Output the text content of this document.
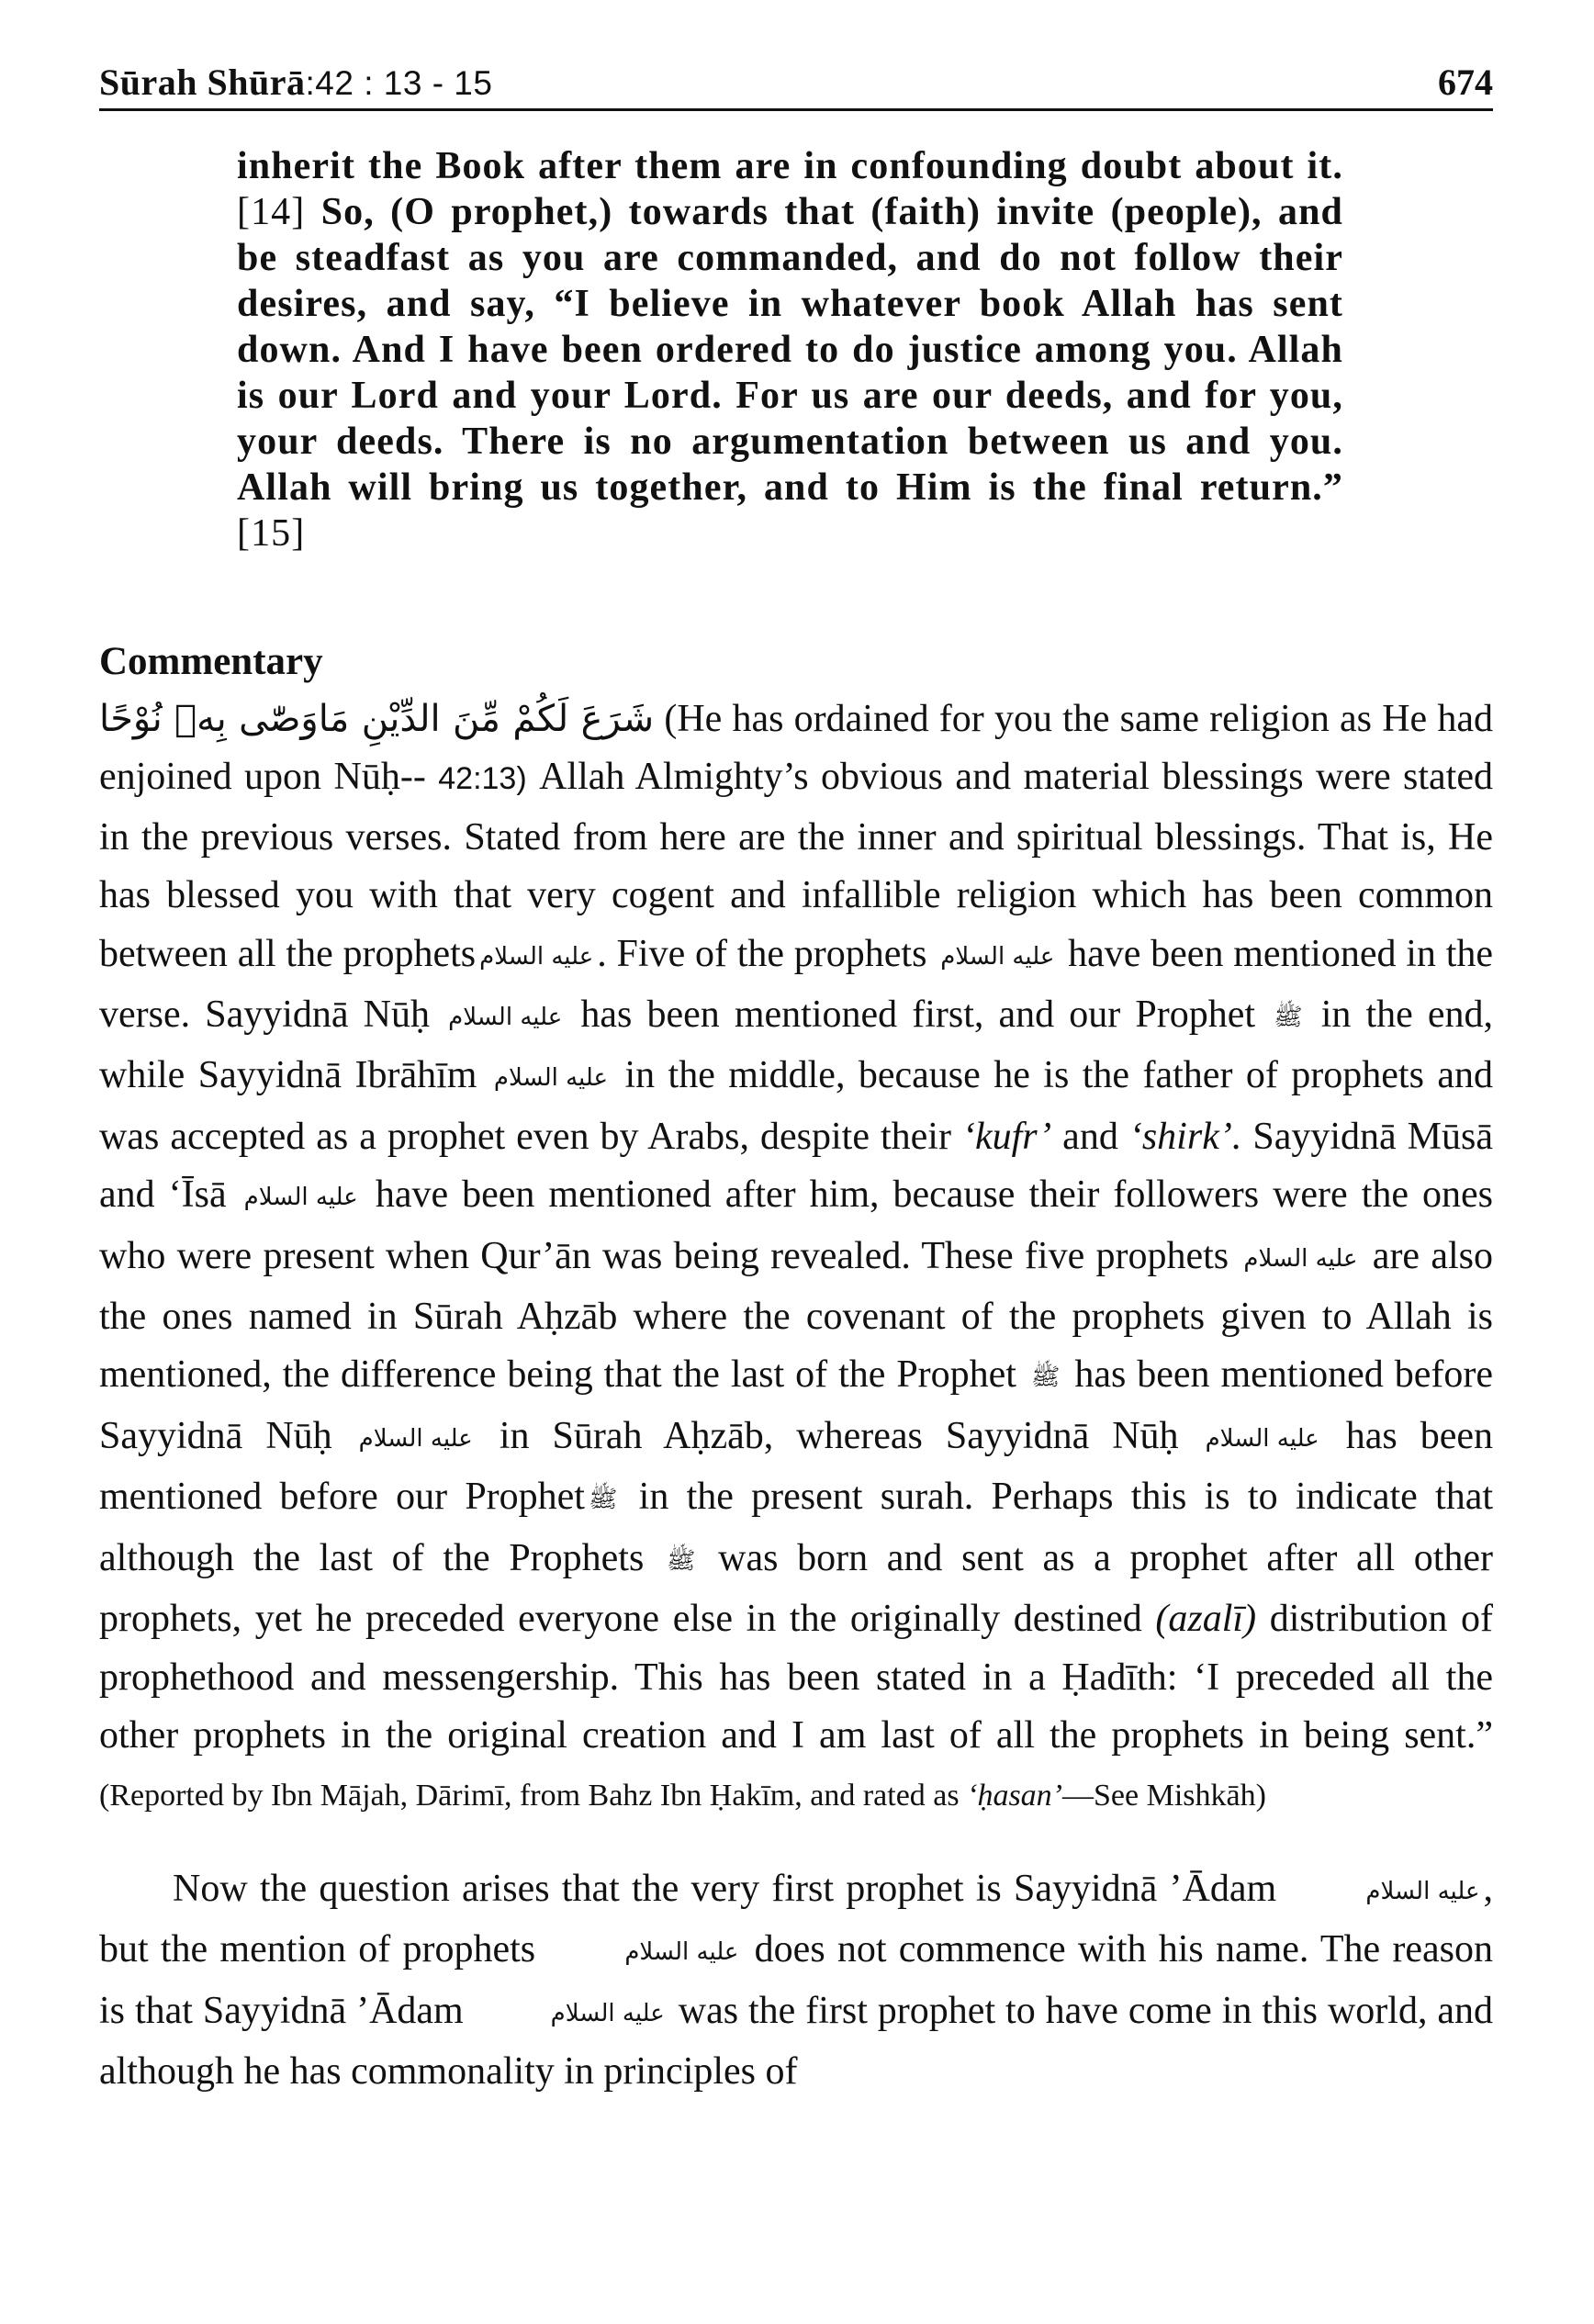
Sūrah Shūrā:42 : 13 - 15	674
inherit the Book after them are in confounding doubt about it. [14] So, (O prophet,) towards that (faith) invite (people), and be steadfast as you are commanded, and do not follow their desires, and say, “I believe in whatever book Allah has sent down. And I have been ordered to do justice among you. Allah is our Lord and your Lord. For us are our deeds, and for you, your deeds. There is no argumentation between us and you. Allah will bring us together, and to Him is the final return.” [15]
Commentary

شَرَعَ لَكُمْ مِّنَ الدِّيْنِ مَاوَصّٰى بِهٖ نُوْحًا (He has ordained for you the same religion as He had enjoined upon Nūḥ-- 42:13) Allah Almighty’s obvious and material blessings were stated in the previous verses. Stated from here are the inner and spiritual blessings. That is, He has blessed you with that very cogent and infallible religion which has been common between all the prophets عليه السلام. Five of the prophets عليه السلام have been mentioned in the verse. Sayyidnā Nūḥ عليه السلام has been mentioned first, and our Prophet ﷺ in the end, while Sayyidnā Ibrāhīm عليه السلام in the middle, because he is the father of prophets and was accepted as a prophet even by Arabs, despite their ‘kufr’ and ‘shirk’. Sayyidnā Mūsā and ‘Īsā عليه السلام have been mentioned after him, because their followers were the ones who were present when Qur’ān was being revealed. These five prophets عليه السلام are also the ones named in Sūrah Aḥzāb where the covenant of the prophets given to Allah is mentioned, the difference being that the last of the Prophet ﷺ has been mentioned before Sayyidnā Nūḥ عليه السلام in Sūrah Aḥzāb, whereas Sayyidnā Nūḥ عليه السلام has been mentioned before our Prophet ﷺ in the present surah. Perhaps this is to indicate that although the last of the Prophets ﷺ was born and sent as a prophet after all other prophets, yet he preceded everyone else in the originally destined (azalī) distribution of prophethood and messengership. This has been stated in a Ḥadīth: ‘I preceded all the other prophets in the original creation and I am last of all the prophets in being sent.” (Reported by Ibn Mājah, Dārimī, from Bahz Ibn Ḥakīm, and rated as ‘ḥasan’—See Mishkāh)

Now the question arises that the very first prophet is Sayyidnā ’Ādam	عليه السلام, but the mention of prophets	عليه السلام does not commence with his name. The reason is that Sayyidnā ’Ādam	عليه السلام was the first prophet to have come in this world, and although he has commonality in principles of
